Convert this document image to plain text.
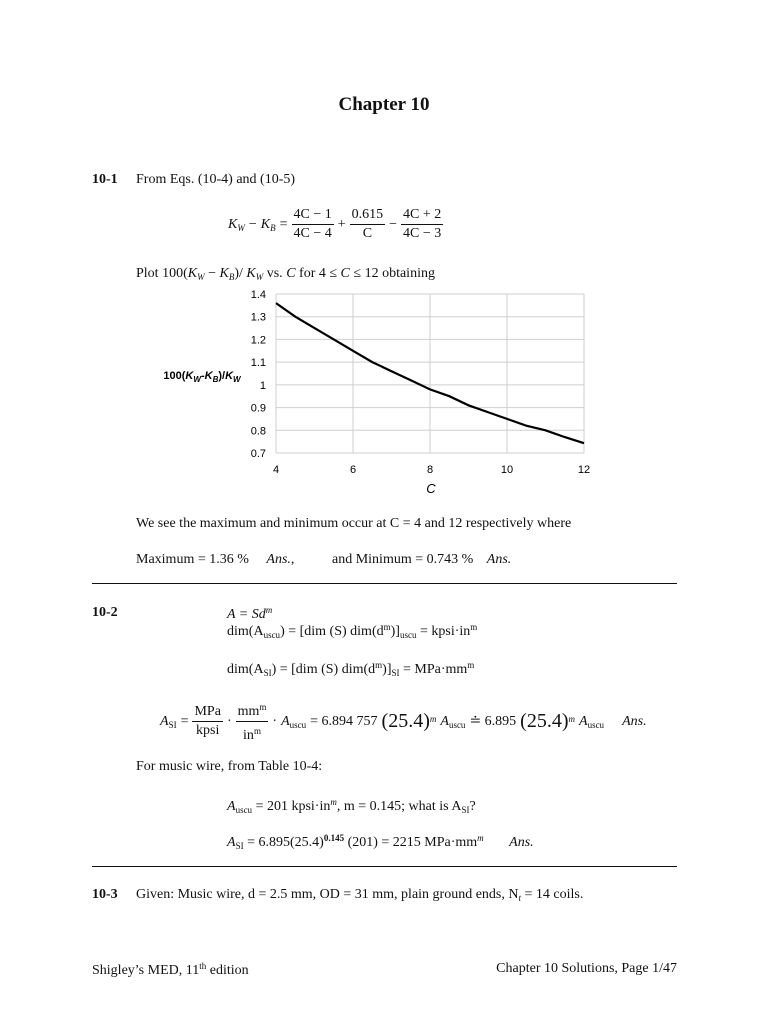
Chapter 10
10-1 From Eqs. (10-4) and (10-5)
$K_W - K_B = \frac{4C - 1}{4C - 4} + \frac{0.615}{C} - \frac{4C + 2}{4C - 3}$
Plot $100(K_W - K_B)/$ $K_W$ vs. C for 4 ≤ C ≤ 12 obtaining
0.7
0.8
0.9
1
1.1
1.2
1.3
1.4
4	6	8	10	12
$100(K_W-K_B)/K_W$
C
We see the maximum and minimum occur at C = 4 and 12 respectively where
Maximum = 1.36 % Ans.,	and Minimum = 0.743 % Ans.
10-2	$A = Sd^m$
$dim(A_{uscu}) = [dim$ (S) $dim(d^m)]_{uscu}$ = $kpsi\cdot in^m$
$dim(A_{SI}) = [dim$ (S) $dim(d^m)]_{SI} = MPa\cdot mm^m$
$A_{SI} = \frac{\text{MPa}}{\text{kpsi}} \cdot \frac{mm^m}{in^m} \cdot A_{uscu} = 6.894$ 757 $(25.4)^m$ $A_{uscu}$ ≐ 6.895 $(25.4)^m$ $A_{uscu}$ Ans.
For music wire, from Table 10-4:
$A_{uscu} = 201$ $kpsi\cdot in^m$, m = 0.145; what is $A_{SI}$?
$A_{SI} = 6.895(25.4)^{0.145}$ (201) = 2215 $MPa\cdot mm^m$ Ans.
10-3 Given: Music wire, d = 2.5 mm, OD = 31 mm, plain ground ends, $N_t = 14$ coils.
Shigley’s MED, 11th edition	Chapter 10 Solutions, Page 1/47
